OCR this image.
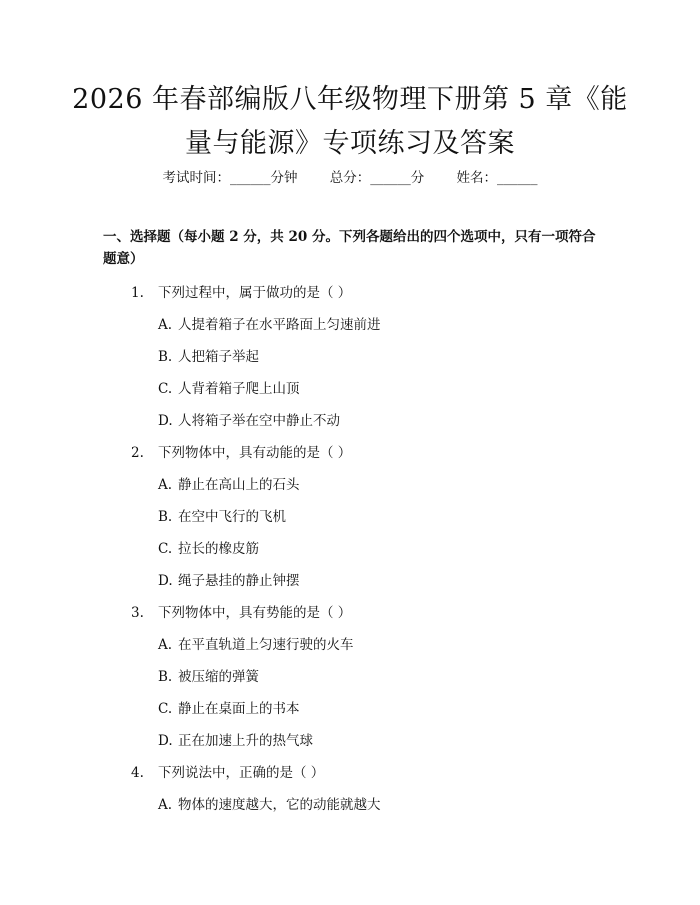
2026 年春部编版八年级物理下册第 5 章《能
量与能源》专项练习及答案
考试时间：______分钟 总分：______分 姓名：______
一、选择题（每小题 2 分，共 20 分。下列各题给出的四个选项中，只有一项符合题意）
1. 下列过程中，属于做功的是（ ）
A. 人提着箱子在水平路面上匀速前进
B. 人把箱子举起
C. 人背着箱子爬上山顶
D. 人将箱子举在空中静止不动
2. 下列物体中，具有动能的是（ ）
A. 静止在高山上的石头
B. 在空中飞行的飞机
C. 拉长的橡皮筋
D. 绳子悬挂的静止钟摆
3. 下列物体中，具有势能的是（ ）
A. 在平直轨道上匀速行驶的火车
B. 被压缩的弹簧
C. 静止在桌面上的书本
D. 正在加速上升的热气球
4. 下列说法中，正确的是（ ）
A. 物体的速度越大，它的动能就越大
